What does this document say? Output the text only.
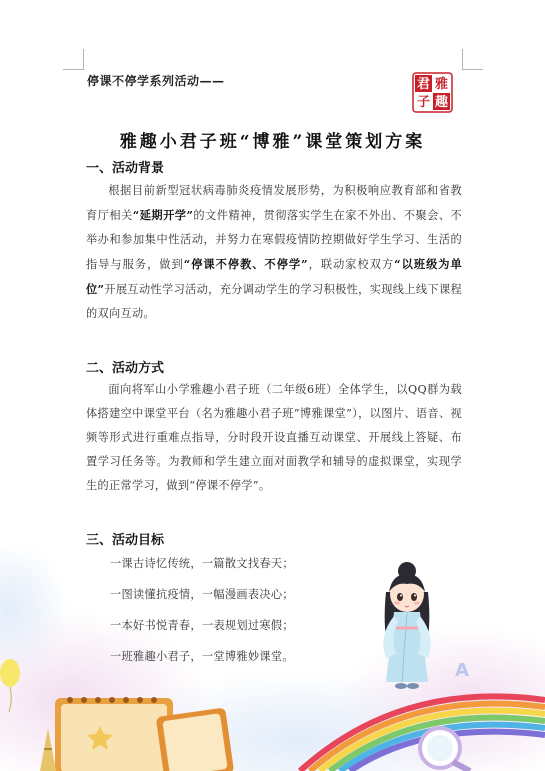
A
停课不停学系列活动——	君 雅
子 趣
雅趣小君子班“博雅”课堂策划方案
一、活动背景

根据目前新型冠状病毒肺炎疫情发展形势，为积极响应教育部和省教育厅相关“延期开学”的文件精神，贯彻落实学生在家不外出、不聚会、不举办和参加集中性活动，并努力在寒假疫情防控期做好学生学习、生活的指导与服务，做到“停课不停教、不停学”，联动家校双方“以班级为单位”开展互动性学习活动，充分调动学生的学习积极性，实现线上线下课程的双向互动。

二、活动方式

面向将军山小学雅趣小君子班（二年级6班）全体学生，以QQ群为载体搭建空中课堂平台（名为雅趣小君子班”博雅课堂”），以图片、语音、视频等形式进行重难点指导，分时段开设直播互动课堂、开展线上答疑、布置学习任务等。为教师和学生建立面对面教学和辅导的虚拟课堂，实现学生的正常学习，做到“停课不停学”。

三、活动目标
一课古诗忆传统，一篇散文找春天；
一图读懂抗疫情，一幅漫画表决心；
一本好书悦青春，一表规划过寒假；
一班雅趣小君子，一堂博雅妙课堂。
